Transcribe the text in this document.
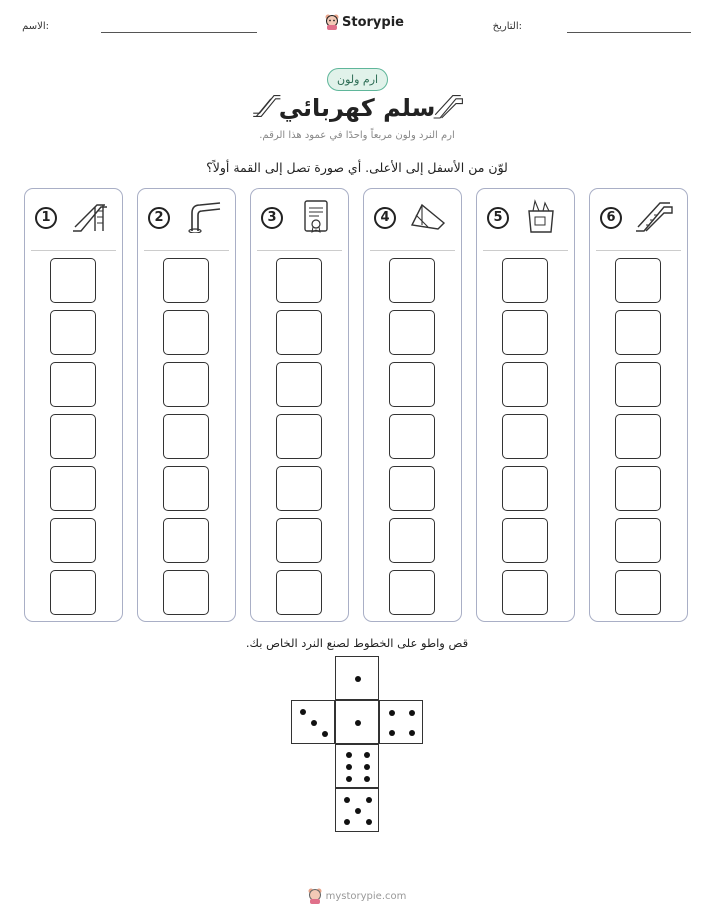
الاسم:	Storypie	التاريخ:
ارم ولون
سلم كهربائي
ارم النرد ولون مربعاً واحدًا في عمود هذا الرقم.
لوّن من الأسفل إلى الأعلى. أي صورة تصل إلى القمة أولاً؟
1	2	3	4	5	6
قص واطو على الخطوط لصنع النرد الخاص بك.
mystorypie.com
